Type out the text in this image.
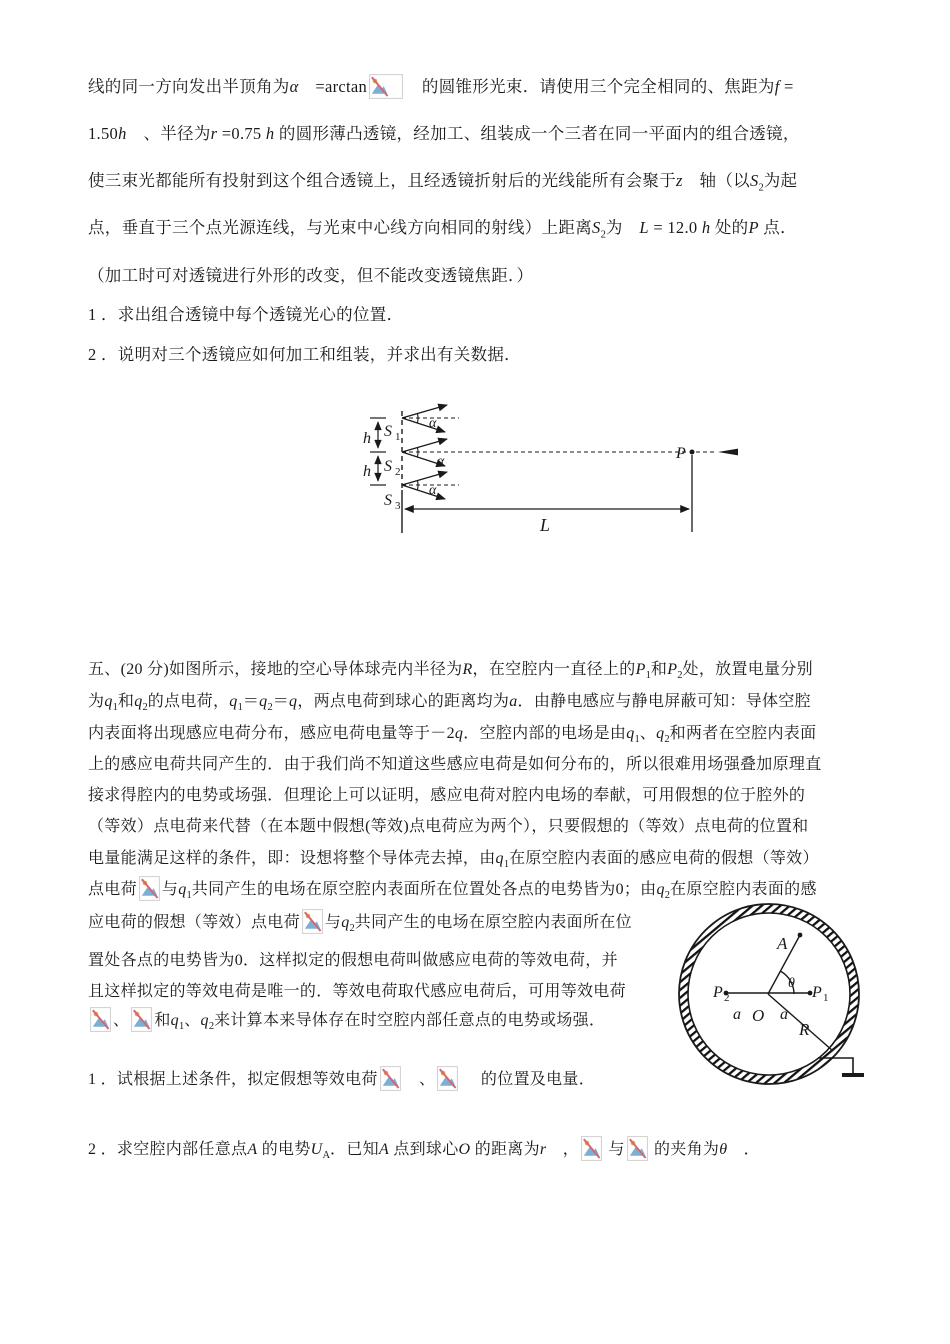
线的同一方向发出半顶角为α　=arctan　的圆锥形光束．请使用三个完全相同的、焦距为f =
1.50h　、半径为r =0.75 h 的圆形薄凸透镜，经加工、组装成一个三者在同一平面内的组合透镜，
使三束光都能所有投射到这个组合透镜上，且经透镜折射后的光线能所有会聚于z　轴（以$S_2$为起
点，垂直于三个点光源连线，与光束中心线方向相同的射线）上距离$S_2$为　L = 12.0 h 处的P 点．
（加工时可对透镜进行外形的改变，但不能改变透镜焦距．）
1 ．求出组合透镜中每个透镜光心的位置．
2 ．说明对三个透镜应如何加工和组装，并求出有关数据．
五、(20 分)如图所示，接地的空心导体球壳内半径为R，在空腔内一直径上的$P_1$和$P_2$处，放置电量分别
为$q_1$和$q_2$的点电荷，$q_1=q_2=q$，两点电荷到球心的距离均为a．由静电感应与静电屏蔽可知：导体空腔
内表面将出现感应电荷分布，感应电荷电量等于－2q．空腔内部的电场是由$q_1$、$q_2$和两者在空腔内表面
上的感应电荷共同产生的．由于我们尚不知道这些感应电荷是如何分布的，所以很难用场强叠加原理直
接求得腔内的电势或场强．但理论上可以证明，感应电荷对腔内电场的奉献，可用假想的位于腔外的
（等效）点电荷来代替（在本题中假想(等效)点电荷应为两个），只要假想的（等效）点电荷的位置和
电量能满足这样的条件，即：设想将整个导体壳去掉，由$q_1$在原空腔内表面的感应电荷的假想（等效）
点电荷 与$q_1$共同产生的电场在原空腔内表面所在位置处各点的电势皆为0；由$q_2$在原空腔内表面的感
应电荷的假想（等效）点电荷 与$q_2$共同产生的电场在原空腔内表面所在位
置处各点的电势皆为0．这样拟定的假想电荷叫做感应电荷的等效电荷，并
且这样拟定的等效电荷是唯一的．等效电荷取代感应电荷后，可用等效电荷
、 和$q_1$、$q_2$来计算本来导体存在时空腔内部任意点的电势或场强．
1 ．试根据上述条件，拟定假想等效电荷　、　 的位置及电量．
2 ．求空腔内部任意点A 的电势$U_A$．已知A 点到球心O 的距离为r　， 与 的夹角为θ　．
h
h
S 1
S 2
S 3
α
α
α
P
L
P 2	P 1
A
θ
a O a
R
